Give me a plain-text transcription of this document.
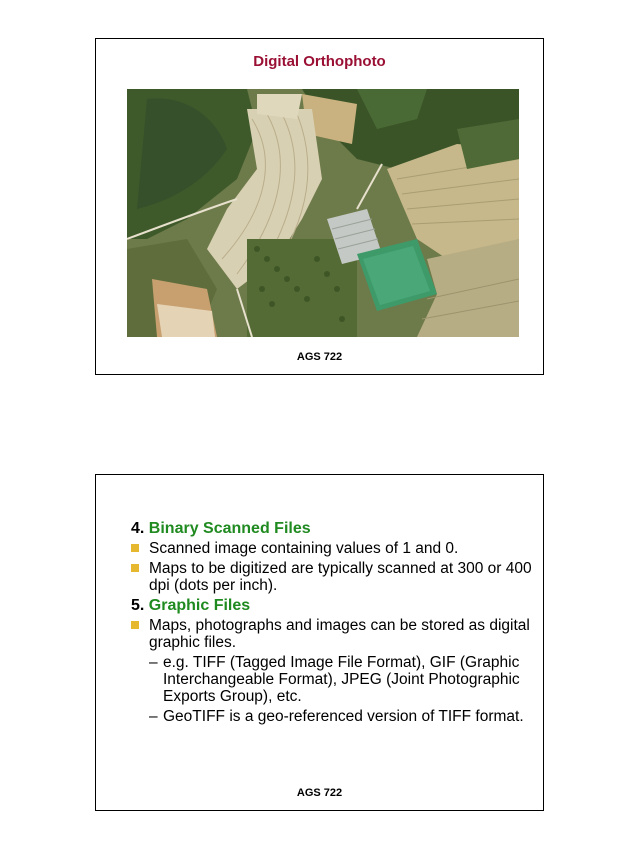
Digital Orthophoto
AGS 722
4. Binary Scanned Files
Scanned image containing values of 1 and 0.
Maps to be digitized are typically scanned at 300 or 400 dpi (dots per inch).
5. Graphic Files
Maps, photographs and images can be stored as digital graphic files.
– e.g. TIFF (Tagged Image File Format), GIF (Graphic Interchangeable Format), JPEG (Joint Photographic Exports Group), etc.
– GeoTIFF is a geo-referenced version of TIFF format.
AGS 722
